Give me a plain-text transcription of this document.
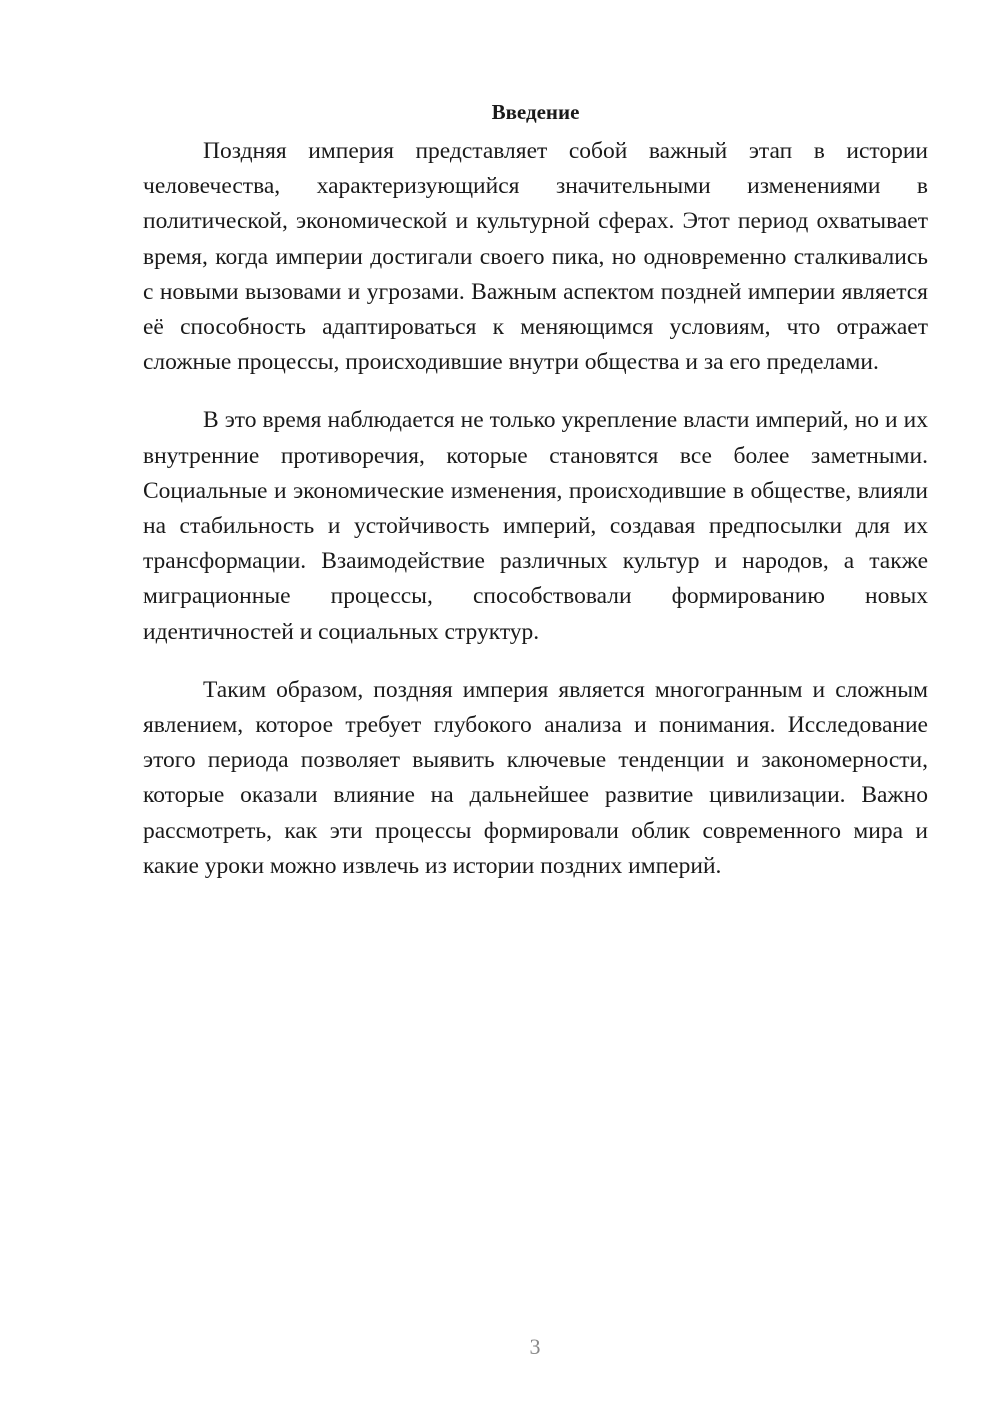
Введение

Поздняя империя представляет собой важный этап в истории человечества, характеризующийся значительными изменениями в политической, экономической и культурной сферах. Этот период охватывает время, когда империи достигали своего пика, но одновременно сталкивались с новыми вызовами и угрозами. Важным аспектом поздней империи является её способность адаптироваться к меняющимся условиям, что отражает сложные процессы, происходившие внутри общества и за его пределами.

В это время наблюдается не только укрепление власти империй, но и их внутренние противоречия, которые становятся все более заметными. Социальные и экономические изменения, происходившие в обществе, влияли на стабильность и устойчивость империй, создавая предпосылки для их трансформации. Взаимодействие различных культур и народов, а также миграционные процессы, способствовали формированию новых идентичностей и социальных структур.

Таким образом, поздняя империя является многогранным и сложным явлением, которое требует глубокого анализа и понимания. Исследование этого периода позволяет выявить ключевые тенденции и закономерности, которые оказали влияние на дальнейшее развитие цивилизации. Важно рассмотреть, как эти процессы формировали облик современного мира и какие уроки можно извлечь из истории поздних империй.

3
